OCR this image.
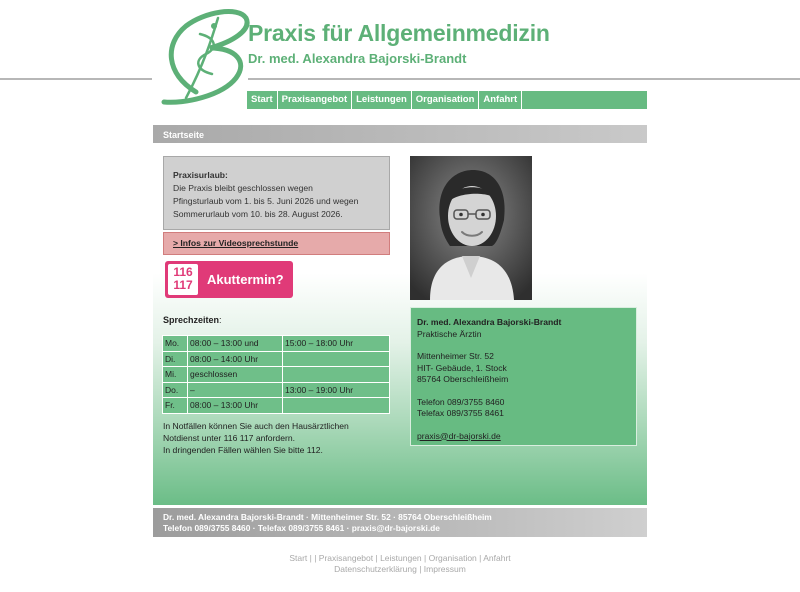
Praxis für Allgemeinmedizin
Dr. med. Alexandra Bajorski-Brandt
Start Praxisangebot Leistungen Organisation Anfahrt
Startseite
Praxisurlaub:
Die Praxis bleibt geschlossen wegen
Pfingsturlaub vom 1. bis 5. Juni 2026 und wegen
Sommerurlaub vom 10. bis 28. August 2026.
> Infos zur Videosprechstunde
116
117	Akuttermin?
Sprechzeiten:
Mo.	08:00 – 13:00 und	15:00 – 18:00 Uhr
Di.	08:00 – 14:00 Uhr	
Mi.	geschlossen	
Do.	–	13:00 – 19:00 Uhr
Fr.	08:00 – 13:00 Uhr	
In Notfällen können Sie auch den Hausärztlichen
Notdienst unter 116 117 anfordern.
In dringenden Fällen wählen Sie bitte 112.

Dr. med. Alexandra Bajorski-Brandt
Praktische Ärztin

Mittenheimer Str. 52
HIT- Gebäude, 1. Stock
85764 Oberschleißheim

Telefon 089/3755 8460
Telefax 089/3755 8461

praxis@dr-bajorski.de

Dr. med. Alexandra Bajorski-Brandt · Mittenheimer Str. 52 · 85764 Oberschleißheim
Telefon 089/3755 8460 · Telefax 089/3755 8461 · praxis@dr-bajorski.de
Start | | Praxisangebot | Leistungen | Organisation | Anfahrt
Datenschutzerklärung | Impressum
